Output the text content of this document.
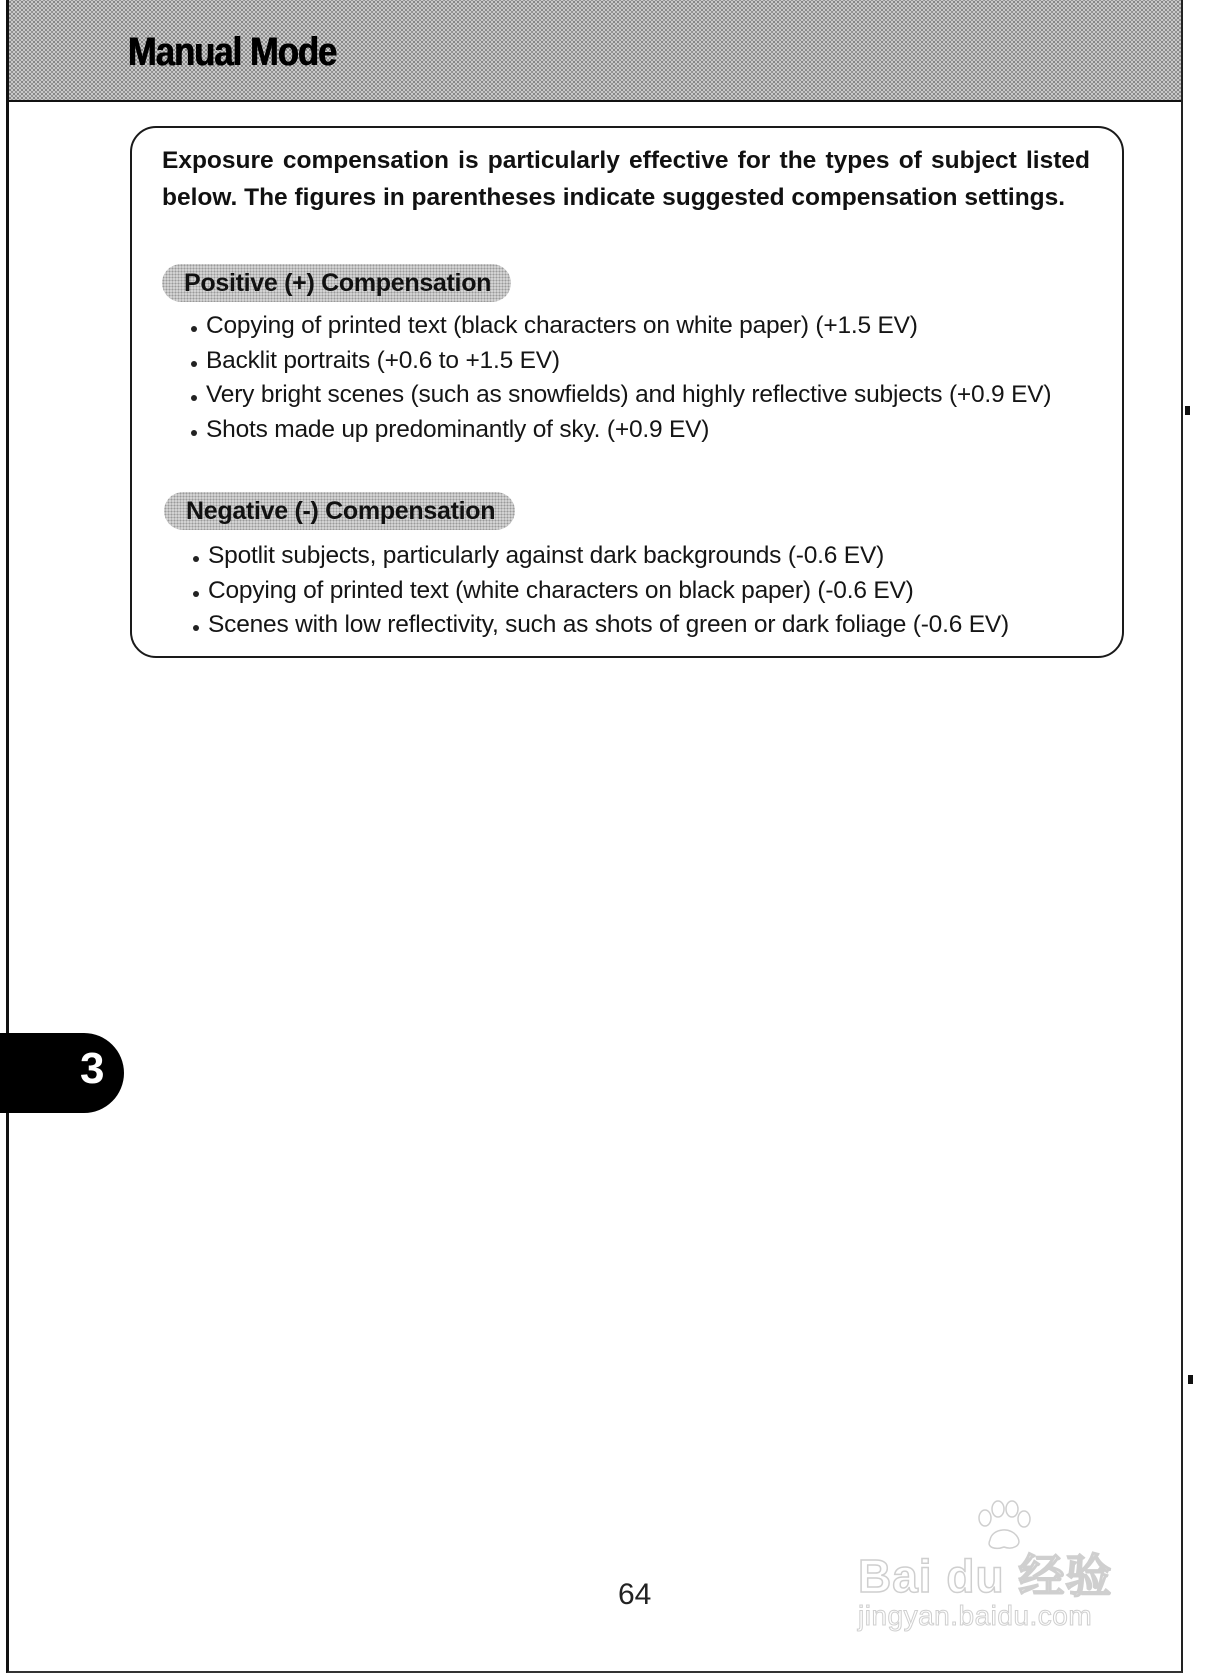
Manual Mode

Exposure compensation is particularly effective for the types of subject listed below. The figures in parentheses indicate suggested compensation settings.

Positive (+) Compensation
Copying of printed text (black characters on white paper) (+1.5 EV)
Backlit portraits (+0.6 to +1.5 EV)
Very bright scenes (such as snowfields) and highly reflective subjects (+0.9 EV)
Shots made up predominantly of sky. (+0.9 EV)
Negative (-) Compensation
Spotlit subjects, particularly against dark backgrounds (-0.6 EV)
Copying of printed text (white characters on black paper) (-0.6 EV)
Scenes with low reflectivity, such as shots of green or dark foliage (-0.6 EV)
3
64	Bai du 经验
jingyan.baidu.com
